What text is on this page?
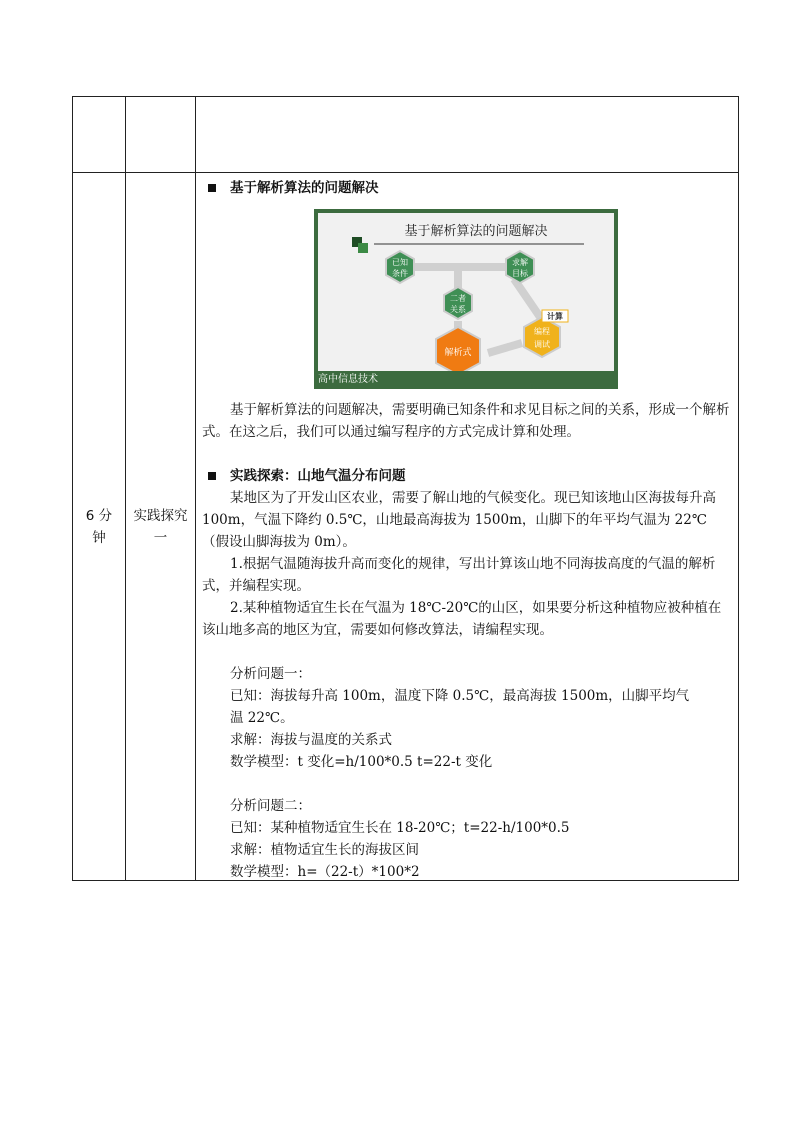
6 分钟
实践探究一
基于解析算法的问题解决
基于解析算法的问题解决
已知
条件
求解
目标
二者
关系
解析式
编程
调试
计算
高中信息技术

基于解析算法的问题解决，需要明确已知条件和求见目标之间的关系，形成一个解析式。在这之后，我们可以通过编写程序的方式完成计算和处理。

实践探索：山地气温分布问题

某地区为了开发山区农业，需要了解山地的气候变化。现已知该地山区海拔每升高 100m，气温下降约 0.5℃，山地最高海拔为 1500m，山脚下的年平均气温为 22℃（假设山脚海拔为 0m）。

1.根据气温随海拔升高而变化的规律，写出计算该山地不同海拔高度的气温的解析式，并编程实现。

2.某种植物适宜生长在气温为 18℃-20℃的山区，如果要分析这种植物应被种植在该山地多高的地区为宜，需要如何修改算法，请编程实现。

分析问题一：

已知：海拔每升高 100m，温度下降 0.5℃，最高海拔 1500m，山脚平均气温 22℃。

求解：海拔与温度的关系式

数学模型：t 变化=h/100*0.5 t=22-t 变化

分析问题二：

已知：某种植物适宜生长在 18-20℃；t=22-h/100*0.5

求解：植物适宜生长的海拔区间

数学模型：h=（22-t）*100*2
